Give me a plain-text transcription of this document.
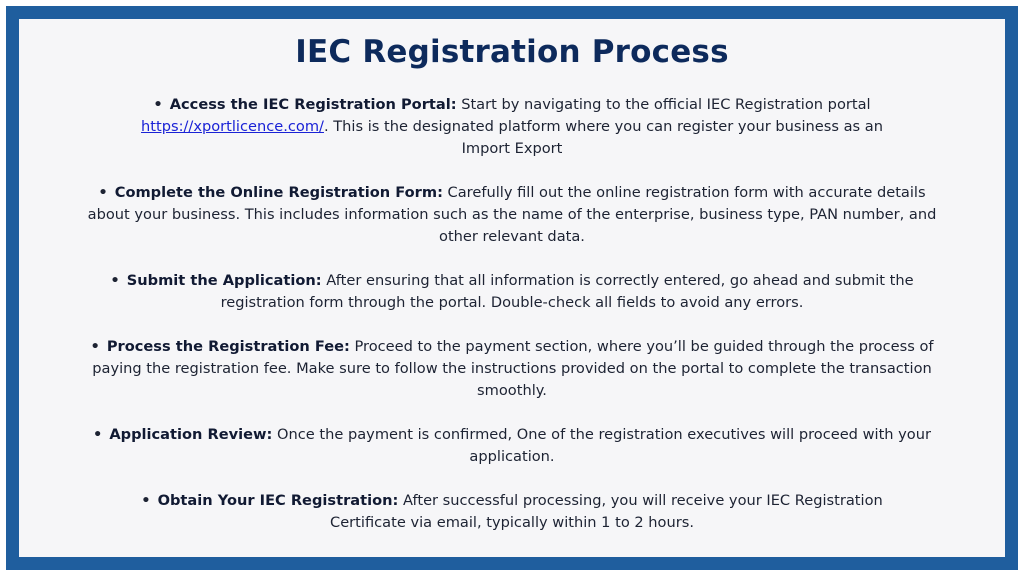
IEC Registration Process
• Access the IEC Registration Portal: Start by navigating to the official IEC Registration portal https://xportlicence.com/. This is the designated platform where you can register your business as an Import Export
• Complete the Online Registration Form: Carefully fill out the online registration form with accurate details about your business. This includes information such as the name of the enterprise, business type, PAN number, and other relevant data.
• Submit the Application: After ensuring that all information is correctly entered, go ahead and submit the registration form through the portal. Double-check all fields to avoid any errors.
• Process the Registration Fee: Proceed to the payment section, where you’ll be guided through the process of paying the registration fee. Make sure to follow the instructions provided on the portal to complete the transaction smoothly.
• Application Review: Once the payment is confirmed, One of the registration executives will proceed with your application.
• Obtain Your IEC Registration: After successful processing, you will receive your IEC Registration Certificate via email, typically within 1 to 2 hours.
